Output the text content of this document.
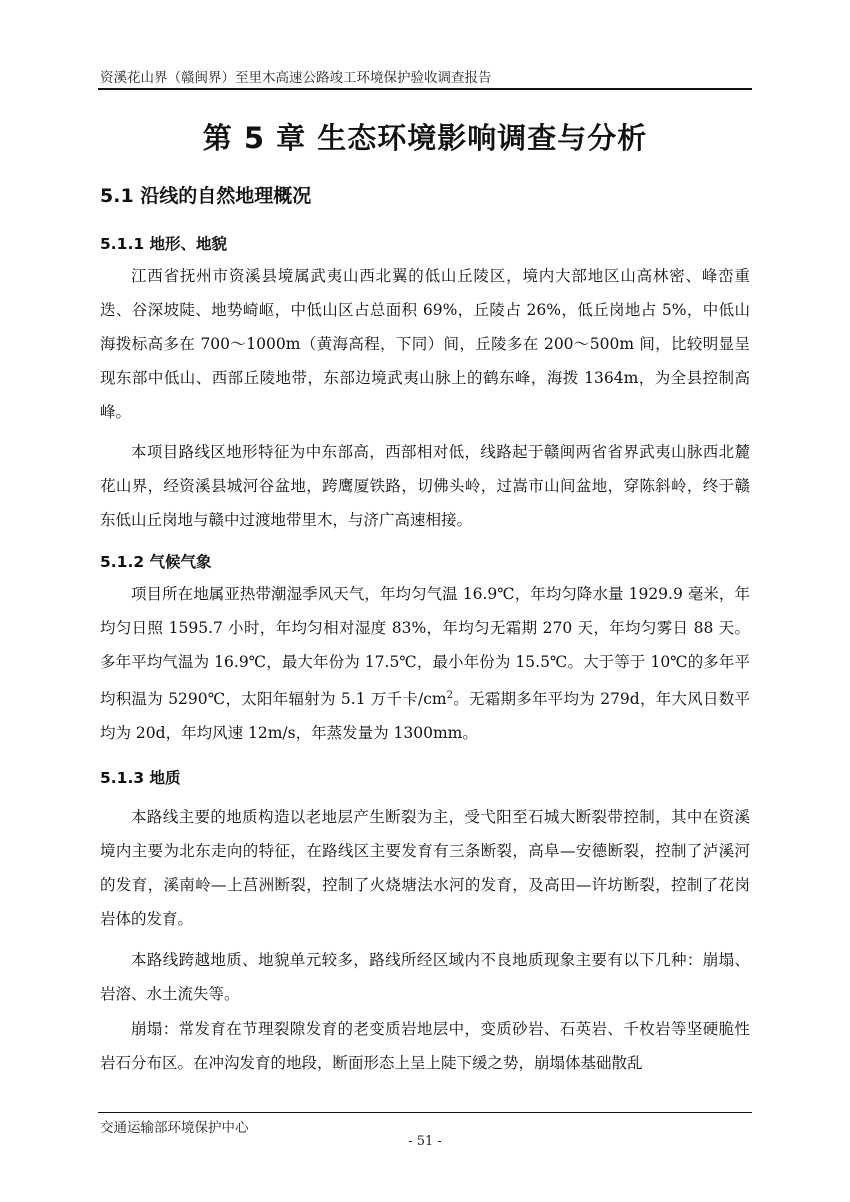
资溪花山界（赣闽界）至里木高速公路竣工环境保护验收调查报告
第 5 章 生态环境影响调查与分析
5.1 沿线的自然地理概况
5.1.1 地形、地貌

江西省抚州市资溪县境属武夷山西北翼的低山丘陵区，境内大部地区山高林密、峰峦重迭、谷深坡陡、地势崎岖，中低山区占总面积 69%，丘陵占 26%，低丘岗地占 5%，中低山海拨标高多在 700～1000m（黄海高程，下同）间，丘陵多在 200～500m 间，比较明显呈现东部中低山、西部丘陵地带，东部边境武夷山脉上的鹤东峰，海拨 1364m，为全县控制高峰。

本项目路线区地形特征为中东部高，西部相对低，线路起于赣闽两省省界武夷山脉西北麓花山界，经资溪县城河谷盆地，跨鹰厦铁路，切佛头岭，过嵩市山间盆地，穿陈斜岭，终于赣东低山丘岗地与赣中过渡地带里木，与济广高速相接。

5.1.2 气候气象

项目所在地属亚热带潮湿季风天气，年均匀气温 16.9℃，年均匀降水量 1929.9 毫米，年均匀日照 1595.7 小时，年均匀相对湿度 83%，年均匀无霜期 270 天，年均匀雾日 88 天。多年平均气温为 16.9℃，最大年份为 17.5℃，最小年份为 15.5℃。大于等于 10℃的多年平均积温为 5290℃，太阳年辐射为 5.1 万千卡$/cm^2$。无霜期多年平均为 279d，年大风日数平均为 20d，年均风速 12m/s，年蒸发量为 1300mm。

5.1.3 地质

本路线主要的地质构造以老地层产生断裂为主，受弋阳至石城大断裂带控制，其中在资溪境内主要为北东走向的特征，在路线区主要发育有三条断裂，高阜—安德断裂，控制了泸溪河的发育，溪南岭—上莒洲断裂，控制了火烧塘法水河的发育，及高田—许坊断裂，控制了花岗岩体的发育。

本路线跨越地质、地貌单元较多，路线所经区域内不良地质现象主要有以下几种：崩塌、岩溶、水土流失等。

崩塌：常发育在节理裂隙发育的老变质岩地层中，变质砂岩、石英岩、千枚岩等坚硬脆性岩石分布区。在冲沟发育的地段，断面形态上呈上陡下缓之势，崩塌体基础散乱

交通运输部环境保护中心
- 51 -
